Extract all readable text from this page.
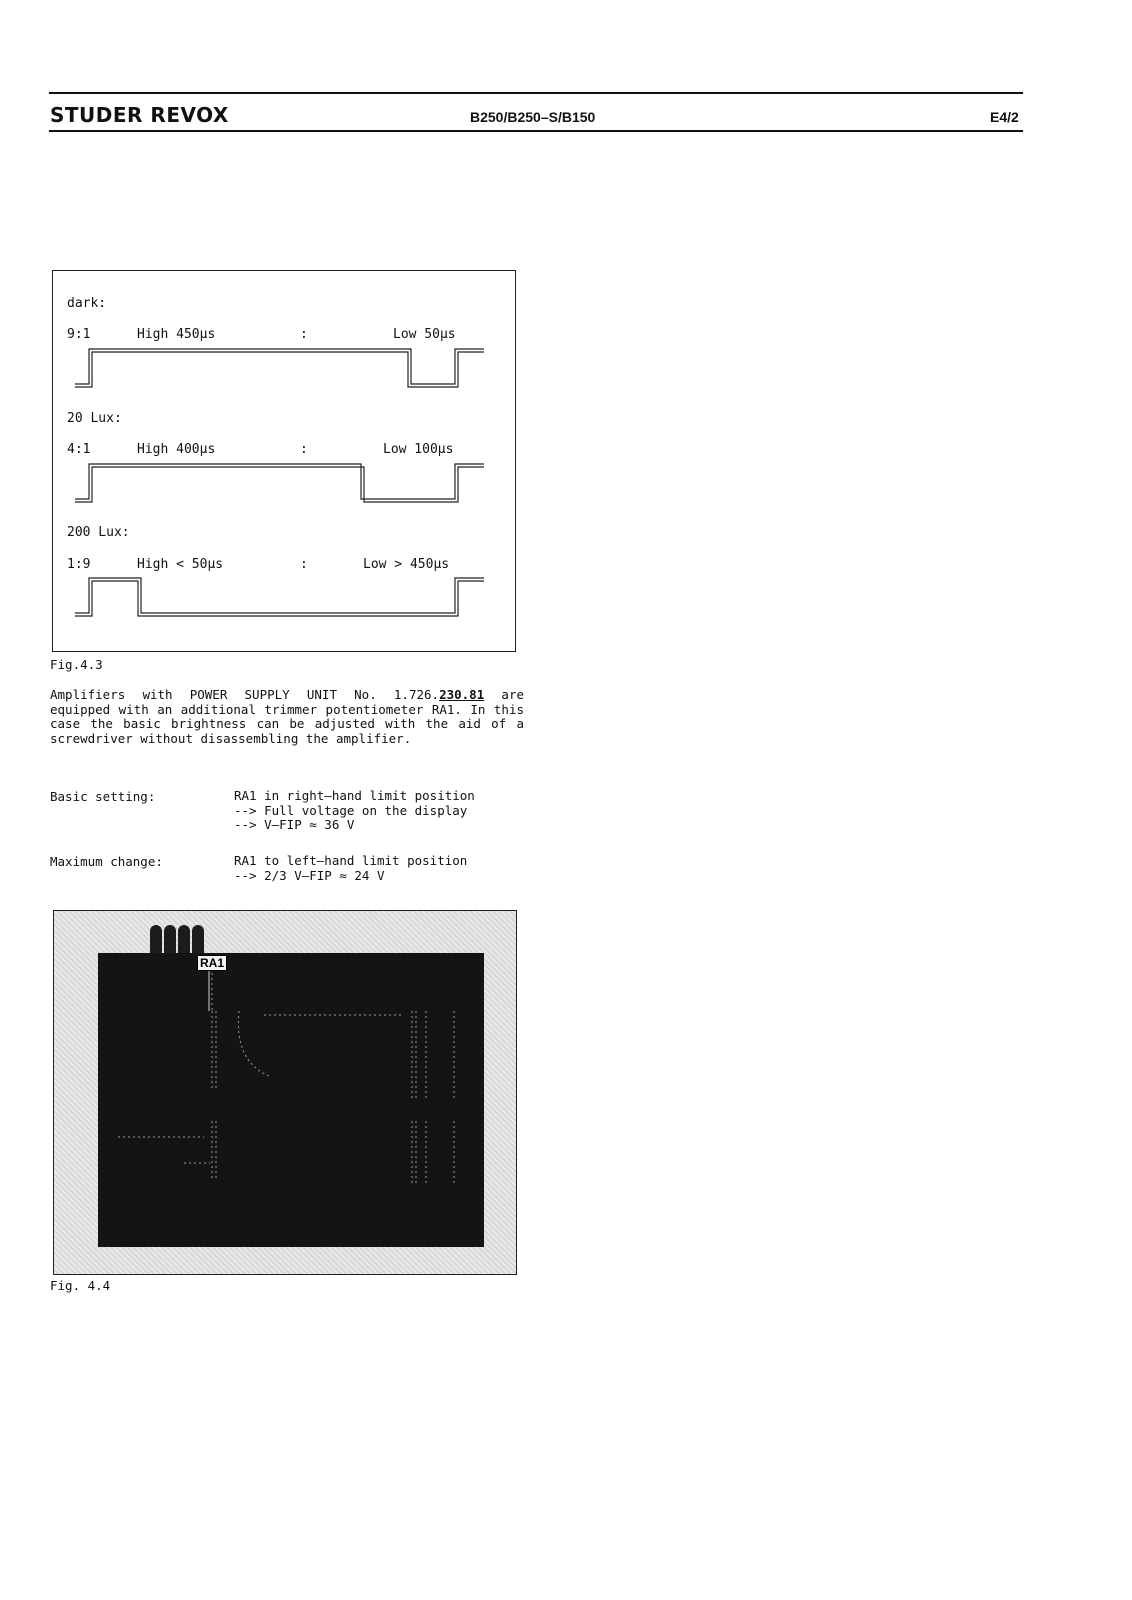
STUDER REVOX	B250/B250–S/B150	E4/2
dark:
9:1	High 450µs	:	Low 50µs
20 Lux:
4:1	High 400µs	:	Low 100µs
200 Lux:
1:9	High < 50µs	:	Low > 450µs
Fig.4.3
Amplifiers with POWER SUPPLY UNIT No. 1.726.230.81 are equipped with an additional trimmer potentiometer RA1. In this case the basic brightness can be adjusted with the aid of a screwdriver without disassembling the amplifier.
Basic setting:	RA1 in right–hand limit position
--> Full voltage on the display
--> V–FIP ≈ 36 V
Maximum change:	RA1 to left–hand limit position
--> 2/3 V–FIP ≈ 24 V
RA1
Fig. 4.4
